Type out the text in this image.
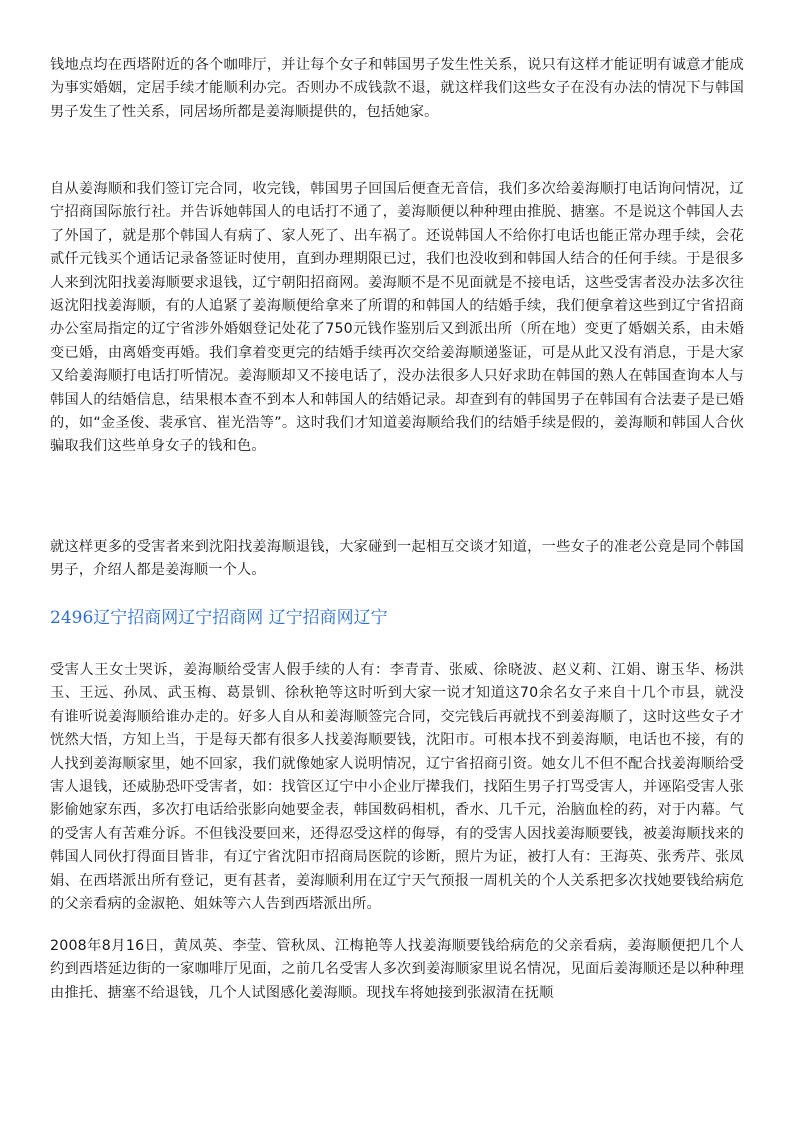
钱地点均在西塔附近的各个咖啡厅，并让每个女子和韩国男子发生性关系，说只有这样才能证明有诚意才能成为事实婚姻，定居手续才能顺利办完。否则办不成钱款不退，就这样我们这些女子在没有办法的情况下与韩国男子发生了性关系，同居场所都是姜海顺提供的，包括她家。

自从姜海顺和我们签订完合同，收完钱，韩国男子回国后便查无音信，我们多次给姜海顺打电话询问情况，辽宁招商国际旅行社。并告诉她韩国人的电话打不通了，姜海顺便以种种理由推脱、搪塞。不是说这个韩国人去了外国了，就是那个韩国人有病了、家人死了、出车祸了。还说韩国人不给你打电话也能正常办理手续，会花贰仟元钱买个通话记录备签证时使用，直到办理期限已过，我们也没收到和韩国人结合的任何手续。于是很多人来到沈阳找姜海顺要求退钱，辽宁朝阳招商网。姜海顺不是不见面就是不接电话，这些受害者没办法多次往返沈阳找姜海顺，有的人追紧了姜海顺便给拿来了所谓的和韩国人的结婚手续，我们便拿着这些到辽宁省招商办公室局指定的辽宁省涉外婚姻登记处花了750元钱作鉴别后又到派出所（所在地）变更了婚姻关系，由未婚变已婚，由离婚变再婚。我们拿着变更完的结婚手续再次交给姜海顺递鉴证，可是从此又没有消息，于是大家又给姜海顺打电话打听情况。姜海顺却又不接电话了，没办法很多人只好求助在韩国的熟人在韩国查询本人与韩国人的结婚信息，结果根本查不到本人和韩国人的结婚记录。却查到有的韩国男子在韩国有合法妻子是已婚的，如“金圣俊、裴承官、崔光浩等”。这时我们才知道姜海顺给我们的结婚手续是假的，姜海顺和韩国人合伙骗取我们这些单身女子的钱和色。

就这样更多的受害者来到沈阳找姜海顺退钱，大家碰到一起相互交谈才知道，一些女子的准老公竟是同个韩国男子，介绍人都是姜海顺一个人。

2496辽宁招商网辽宁招商网 辽宁招商网辽宁

受害人王女士哭诉，姜海顺给受害人假手续的人有：李青青、张威、徐晓波、赵义莉、江娟、谢玉华、杨洪玉、王远、孙凤、武玉梅、葛景钏、徐秋艳等这时听到大家一说才知道这70余名女子来自十几个市县，就没有谁听说姜海顺给谁办走的。好多人自从和姜海顺签完合同，交完钱后再就找不到姜海顺了，这时这些女子才恍然大悟，方知上当，于是每天都有很多人找姜海顺要钱，沈阳市。可根本找不到姜海顺，电话也不接，有的人找到姜海顺家里，她不回家，我们就像她家人说明情况，辽宁省招商引资。她女儿不但不配合找姜海顺给受害人退钱，还威胁恐吓受害者，如：找管区辽宁中小企业厅撵我们，找陌生男子打骂受害人，并诬陷受害人张影偷她家东西，多次打电话给张影向她要金表，韩国数码相机，香水、几千元，治脑血栓的药，对于内幕。气的受害人有苦难分诉。不但钱没要回来，还得忍受这样的侮辱，有的受害人因找姜海顺要钱，被姜海顺找来的韩国人同伙打得面目皆非，有辽宁省沈阳市招商局医院的诊断，照片为证，被打人有：王海英、张秀芹、张凤娟、在西塔派出所有登记，更有甚者，姜海顺利用在辽宁天气预报一周机关的个人关系把多次找她要钱给病危的父亲看病的金淑艳、姐妹等六人告到西塔派出所。

2008年8月16日，黄凤英、李莹、管秋凤、江梅艳等人找姜海顺要钱给病危的父亲看病，姜海顺便把几个人约到西塔延边街的一家咖啡厅见面，之前几名受害人多次到姜海顺家里说名情况，见面后姜海顺还是以种种理由推托、搪塞不给退钱，几个人试图感化姜海顺。现找车将她接到张淑清在抚顺
